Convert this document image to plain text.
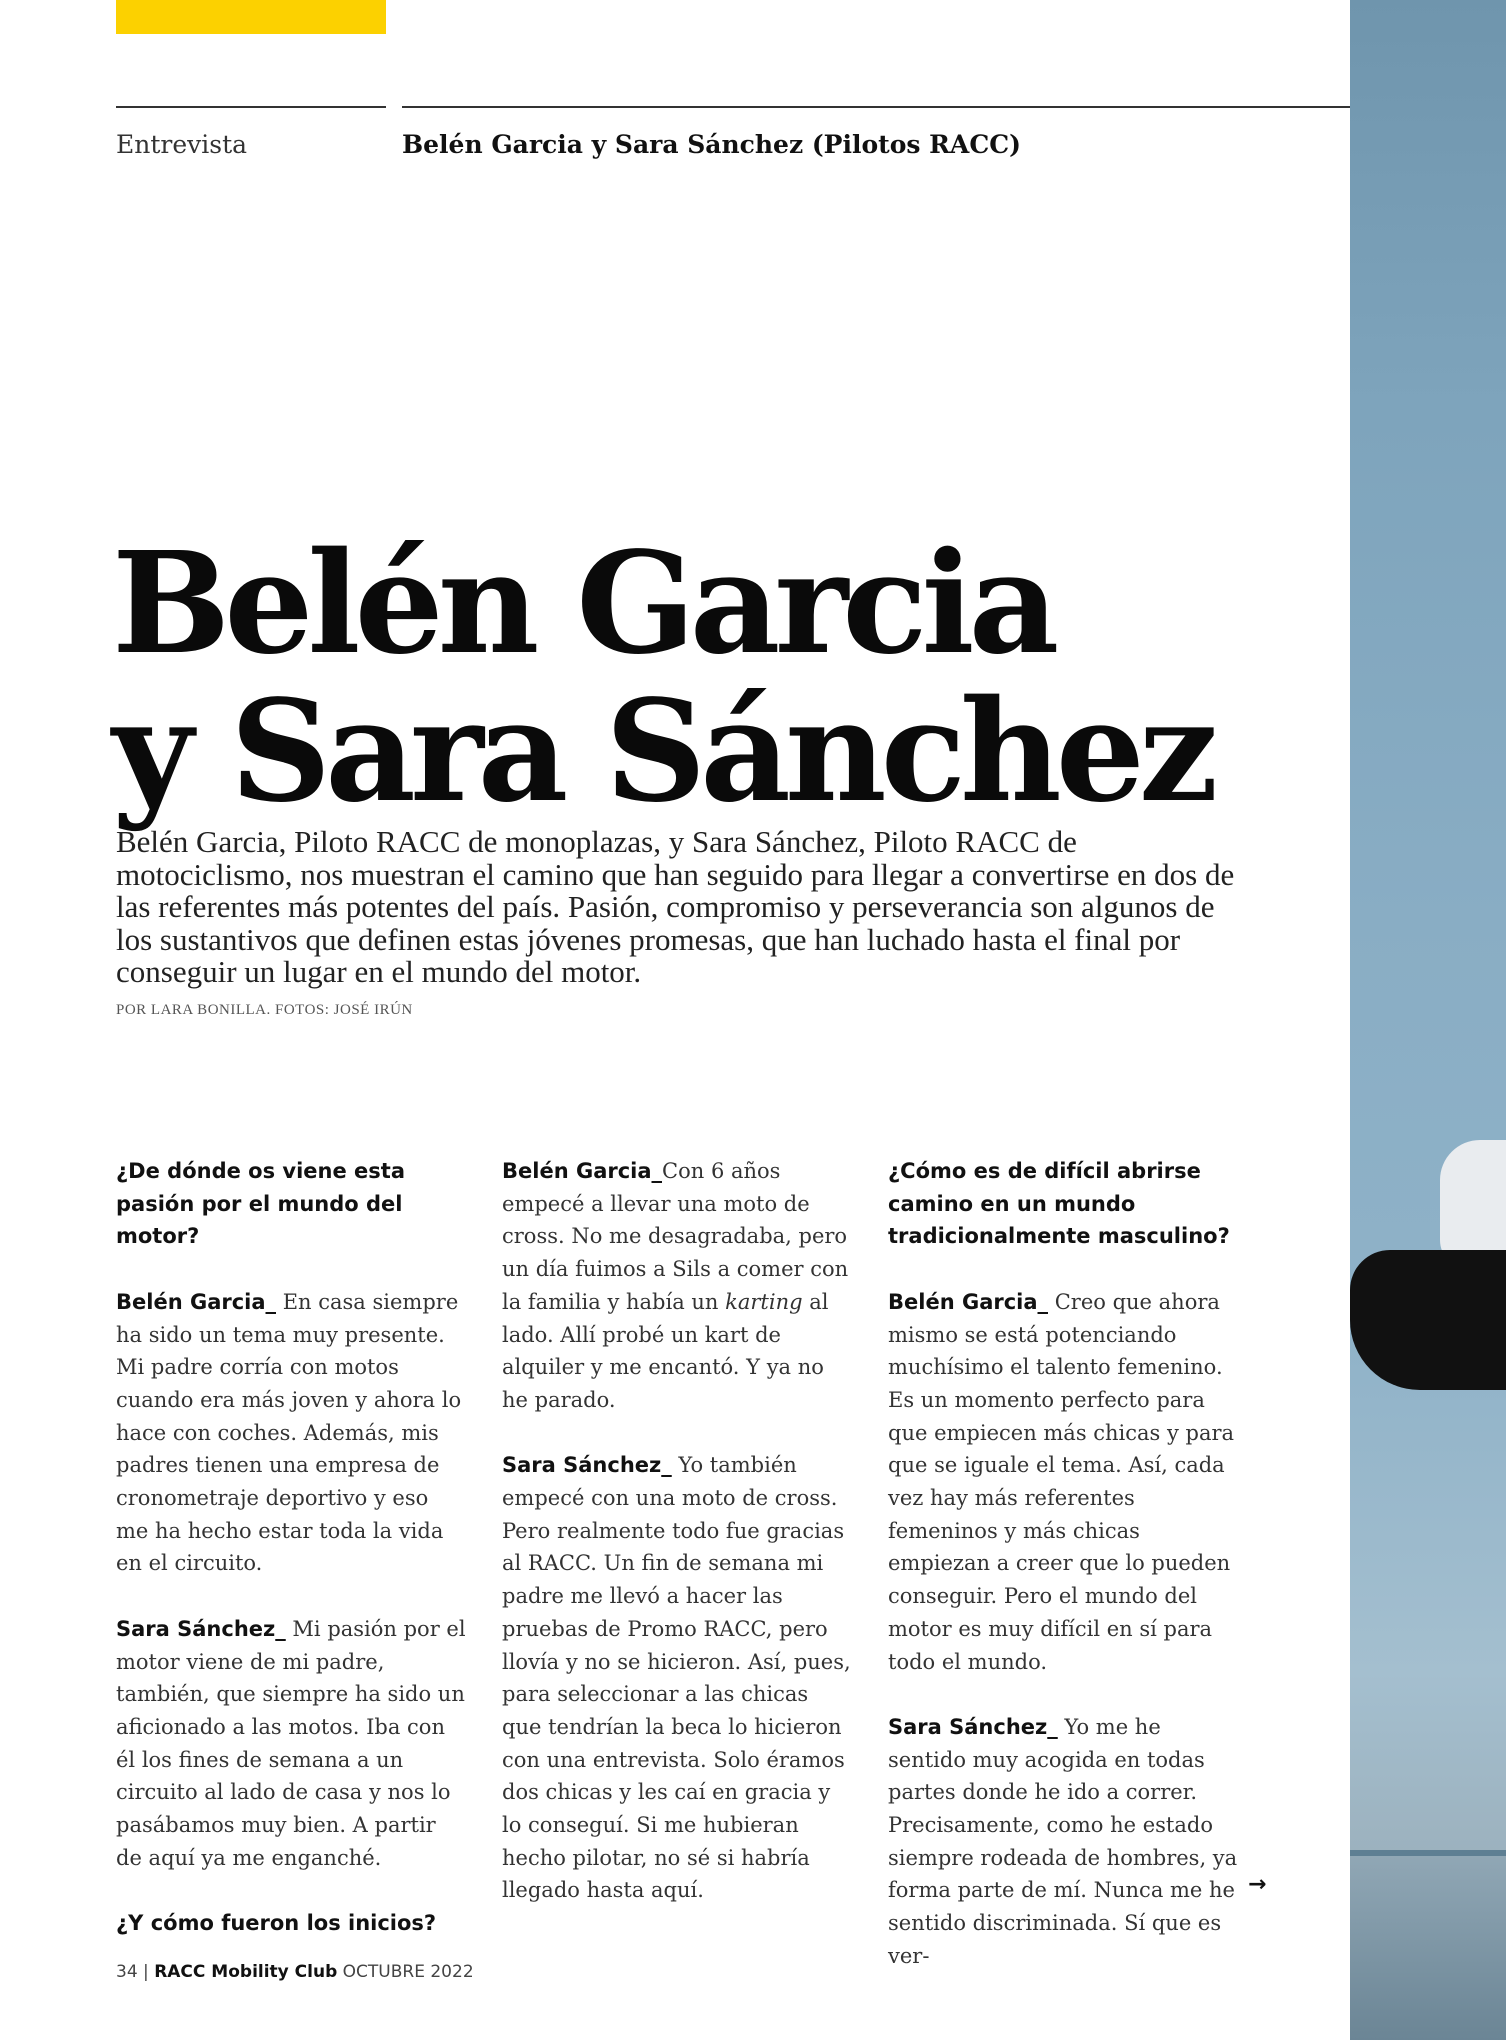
Entrevista	Belén Garcia y Sara Sánchez (Pilotos RACC)
Belén Garcia
y Sara Sánchez

Belén Garcia, Piloto RACC de monoplazas, y Sara Sánchez, Piloto RACC de motociclismo, nos muestran el camino que han seguido para llegar a convertirse en dos de las referentes más potentes del país. Pasión, compromiso y perseverancia son algunos de los sustantivos que definen estas jóvenes promesas, que han luchado hasta el final por conseguir un lugar en el mundo del motor.

POR LARA BONILLA. FOTOS: JOSÉ IRÚN

¿De dónde os viene esta pasión por el mundo del motor?

Belén Garcia_ En casa siempre ha sido un tema muy presente. Mi padre corría con motos cuando era más joven y ahora lo hace con coches. Además, mis padres tienen una empresa de cronometraje deportivo y eso me ha hecho estar toda la vida en el circuito.

Sara Sánchez_ Mi pasión por el motor viene de mi padre, también, que siempre ha sido un aficionado a las motos. Iba con él los fines de semana a un circuito al lado de casa y nos lo pasábamos muy bien. A partir de aquí ya me enganché.

¿Y cómo fueron los inicios?

Belén Garcia_Con 6 años empecé a llevar una moto de cross. No me desagradaba, pero un día fuimos a Sils a comer con la familia y había un karting al lado. Allí probé un kart de alquiler y me encantó. Y ya no he parado.

Sara Sánchez_ Yo también empecé con una moto de cross. Pero realmente todo fue gracias al RACC. Un fin de semana mi padre me llevó a hacer las pruebas de Promo RACC, pero llovía y no se hicieron. Así, pues, para seleccionar a las chicas que tendrían la beca lo hicieron con una entrevista. Solo éramos dos chicas y les caí en gracia y lo conseguí. Si me hubieran hecho pilotar, no sé si habría llegado hasta aquí.

¿Cómo es de difícil abrirse camino en un mundo tradicionalmente masculino?

Belén Garcia_ Creo que ahora mismo se está potenciando muchísimo el talento femenino. Es un momento perfecto para que empiecen más chicas y para que se iguale el tema. Así, cada vez hay más referentes femeninos y más chicas empiezan a creer que lo pueden conseguir. Pero el mundo del motor es muy difícil en sí para todo el mundo.

Sara Sánchez_ Yo me he sentido muy acogida en todas partes donde he ido a correr. Precisamente, como he estado siempre rodeada de hombres, ya forma parte de mí. Nunca me he sentido discriminada. Sí que es ver-

→
34 | RACC Mobility Club OCTUBRE 2022
